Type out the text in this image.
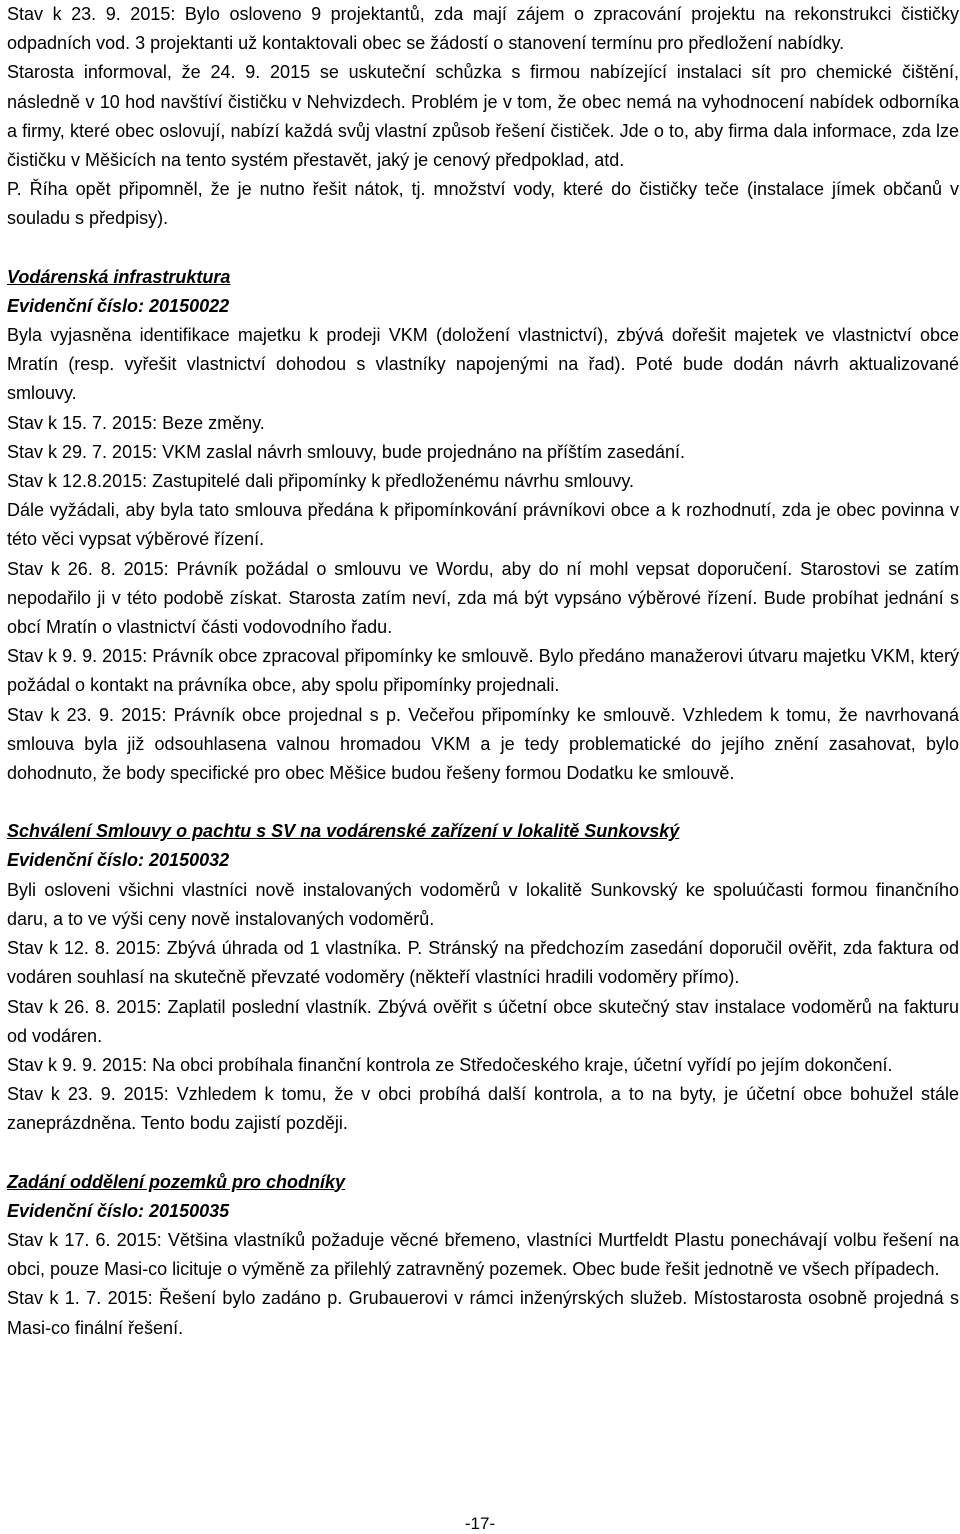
Stav k 23. 9. 2015: Bylo osloveno 9 projektantů, zda mají zájem o zpracování projektu na rekonstrukci čističky odpadních vod. 3 projektanti už kontaktovali obec se žádostí o stanovení termínu pro předložení nabídky.

Starosta informoval, že 24. 9. 2015 se uskuteční schůzka s firmou nabízející instalaci sít pro chemické čištění, následně v 10 hod navštíví čističku v Nehvizdech. Problém je v tom, že obec nemá na vyhodnocení nabídek odborníka a firmy, které obec oslovují, nabízí každá svůj vlastní způsob řešení čističek. Jde o to, aby firma dala informace, zda lze čističku v Měšicích na tento systém přestavět, jaký je cenový předpoklad, atd.

P. Říha opět připomněl, že je nutno řešit nátok, tj. množství vody, které do čističky teče (instalace jímek občanů v souladu s předpisy).

Vodárenská infrastruktura

Evidenční číslo: 20150022

Byla vyjasněna identifikace majetku k prodeji VKM (doložení vlastnictví), zbývá dořešit majetek ve vlastnictví obce Mratín (resp. vyřešit vlastnictví dohodou s vlastníky napojenými na řad). Poté bude dodán návrh aktualizované smlouvy.

Stav k 15. 7. 2015: Beze změny.

Stav k 29. 7. 2015: VKM zaslal návrh smlouvy, bude projednáno na příštím zasedání.

Stav k 12.8.2015: Zastupitelé dali připomínky k předloženému návrhu smlouvy.

Dále vyžádali, aby byla tato smlouva předána k připomínkování právníkovi obce a k rozhodnutí, zda je obec povinna v této věci vypsat výběrové řízení.

Stav k 26. 8. 2015: Právník požádal o smlouvu ve Wordu, aby do ní mohl vepsat doporučení. Starostovi se zatím nepodařilo ji v této podobě získat. Starosta zatím neví, zda má být vypsáno výběrové řízení. Bude probíhat jednání s obcí Mratín o vlastnictví části vodovodního řadu.

Stav k 9. 9. 2015: Právník obce zpracoval připomínky ke smlouvě. Bylo předáno manažerovi útvaru majetku VKM, který požádal o kontakt na právníka obce, aby spolu připomínky projednali.

Stav k 23. 9. 2015: Právník obce projednal s p. Večeřou připomínky ke smlouvě. Vzhledem k tomu, že navrhovaná smlouva byla již odsouhlasena valnou hromadou VKM a je tedy problematické do jejího znění zasahovat, bylo dohodnuto, že body specifické pro obec Měšice budou řešeny formou Dodatku ke smlouvě.

Schválení Smlouvy o pachtu s SV na vodárenské zařízení v lokalitě Sunkovský

Evidenční číslo: 20150032

Byli osloveni všichni vlastníci nově instalovaných vodoměrů v lokalitě Sunkovský ke spoluúčasti formou finančního daru, a to ve výši ceny nově instalovaných vodoměrů.

Stav k 12. 8. 2015: Zbývá úhrada od 1 vlastníka. P. Stránský na předchozím zasedání doporučil ověřit, zda faktura od vodáren souhlasí na skutečně převzaté vodoměry (někteří vlastníci hradili vodoměry přímo).

Stav k 26. 8. 2015: Zaplatil poslední vlastník. Zbývá ověřit s účetní obce skutečný stav instalace vodoměrů na fakturu od vodáren.

Stav k 9. 9. 2015: Na obci probíhala finanční kontrola ze Středočeského kraje, účetní vyřídí po jejím dokončení.

Stav k 23. 9. 2015: Vzhledem k tomu, že v obci probíhá další kontrola, a to na byty, je účetní obce bohužel stále zaneprázdněna. Tento bodu zajistí později.

Zadání oddělení pozemků pro chodníky

Evidenční číslo: 20150035

Stav k 17. 6. 2015: Většina vlastníků požaduje věcné břemeno, vlastníci Murtfeldt Plastu ponechávají volbu řešení na obci, pouze Masi-co licituje o výměně za přilehlý zatravněný pozemek. Obec bude řešit jednotně ve všech případech.

Stav k 1. 7. 2015: Řešení bylo zadáno p. Grubauerovi v rámci inženýrských služeb. Místostarosta osobně projedná s Masi-co finální řešení.

-17-
